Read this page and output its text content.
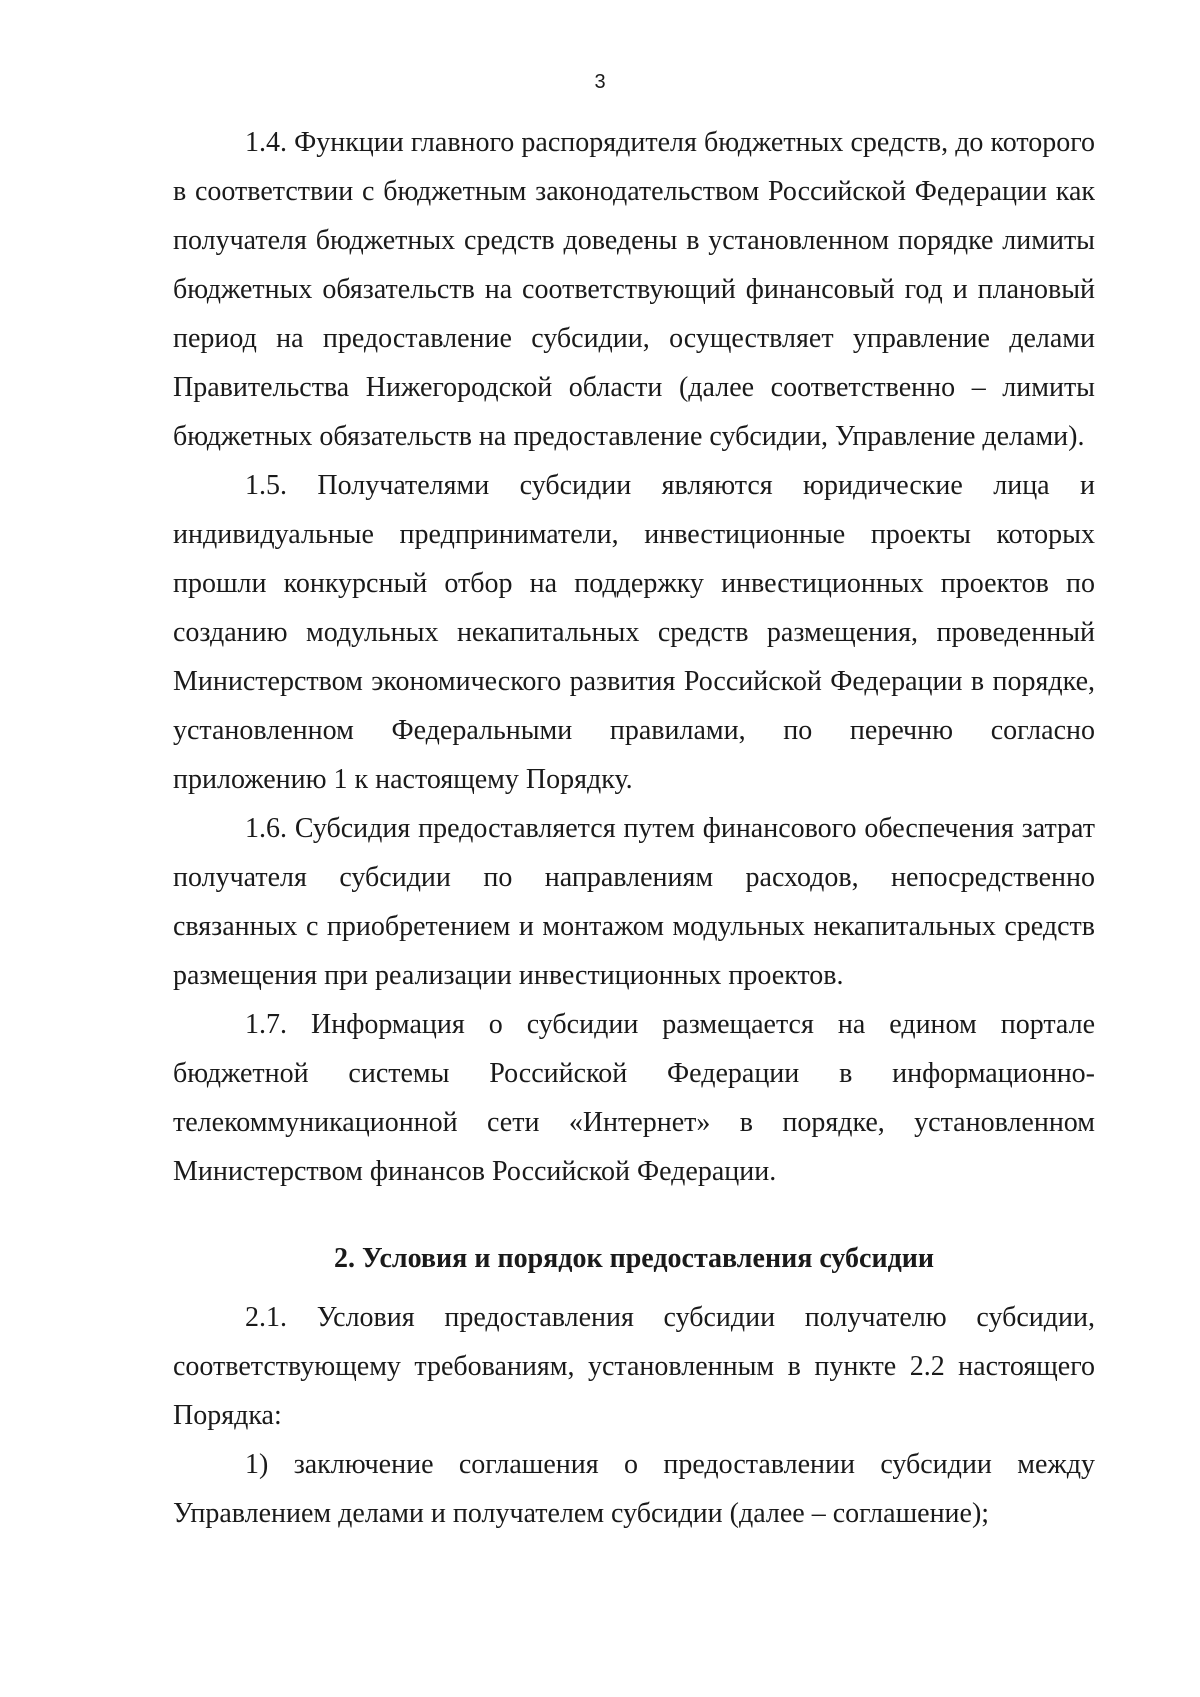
3

1.4. Функции главного распорядителя бюджетных средств, до которого в соответствии с бюджетным законодательством Российской Федерации как получателя бюджетных средств доведены в установленном порядке лимиты бюджетных обязательств на соответствующий финансовый год и плановый период на предоставление субсидии, осуществляет управление делами Правительства Нижегородской области (далее соответственно – лимиты бюджетных обязательств на предоставление субсидии, Управление делами).

1.5. Получателями субсидии являются юридические лица и индивидуальные предприниматели, инвестиционные проекты которых прошли конкурсный отбор на поддержку инвестиционных проектов по созданию модульных некапитальных средств размещения, проведенный Министерством экономического развития Российской Федерации в порядке, установленном Федеральными правилами, по перечню согласно приложению 1 к настоящему Порядку.

1.6. Субсидия предоставляется путем финансового обеспечения затрат получателя субсидии по направлениям расходов, непосредственно связанных с приобретением и монтажом модульных некапитальных средств размещения при реализации инвестиционных проектов.

1.7. Информация о субсидии размещается на едином портале бюджетной системы Российской Федерации в информационно-телекоммуникационной сети «Интернет» в порядке, установленном Министерством финансов Российской Федерации.

2. Условия и порядок предоставления субсидии

2.1. Условия предоставления субсидии получателю субсидии, соответствующему требованиям, установленным в пункте 2.2 настоящего Порядка:

1) заключение соглашения о предоставлении субсидии между Управлением делами и получателем субсидии (далее – соглашение);
